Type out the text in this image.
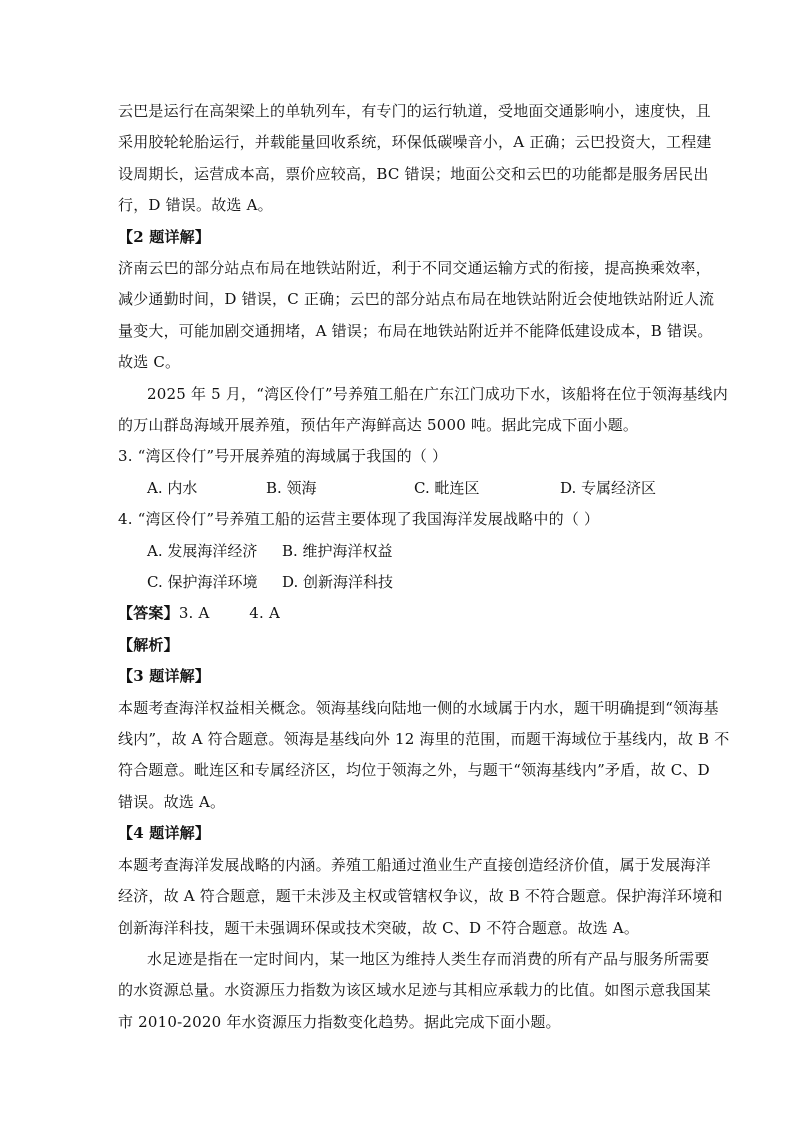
云巴是运行在高架梁上的单轨列车，有专门的运行轨道，受地面交通影响小，速度快，且
采用胶轮轮胎运行，并载能量回收系统，环保低碳噪音小，A 正确；云巴投资大，工程建
设周期长，运营成本高，票价应较高，BC 错误；地面公交和云巴的功能都是服务居民出
行，D 错误。故选 A。
【2 题详解】
济南云巴的部分站点布局在地铁站附近，利于不同交通运输方式的衔接，提高换乘效率，
减少通勤时间，D 错误，C 正确；云巴的部分站点布局在地铁站附近会使地铁站附近人流
量变大，可能加剧交通拥堵，A 错误；布局在地铁站附近并不能降低建设成本，B 错误。
故选 C。
2025 年 5 月，“湾区伶仃”号养殖工船在广东江门成功下水，该船将在位于领海基线内
的万山群岛海域开展养殖，预估年产海鲜高达 5000 吨。据此完成下面小题。
3. “湾区伶仃”号开展养殖的海域属于我国的（ ）
A. 内水	B. 领海	C. 毗连区	D. 专属经济区
4. “湾区伶仃”号养殖工船的运营主要体现了我国海洋发展战略中的（ ）
A. 发展海洋经济 B. 维护海洋权益
C. 保护海洋环境 D. 创新海洋科技
【答案】3. A        4. A
【解析】
【3 题详解】
本题考查海洋权益相关概念。领海基线向陆地一侧的水域属于内水，题干明确提到“领海基
线内”，故 A 符合题意。领海是基线向外 12 海里的范围，而题干海域位于基线内，故 B 不
符合题意。毗连区和专属经济区，均位于领海之外，与题干“领海基线内”矛盾，故 C、D
错误。故选 A。
【4 题详解】
本题考查海洋发展战略的内涵。养殖工船通过渔业生产直接创造经济价值，属于发展海洋
经济，故 A 符合题意，题干未涉及主权或管辖权争议，故 B 不符合题意。保护海洋环境和
创新海洋科技，题干未强调环保或技术突破，故 C、D 不符合题意。故选 A。
水足迹是指在一定时间内，某一地区为维持人类生存而消费的所有产品与服务所需要
的水资源总量。水资源压力指数为该区域水足迹与其相应承载力的比值。如图示意我国某
市 2010-2020 年水资源压力指数变化趋势。据此完成下面小题。
